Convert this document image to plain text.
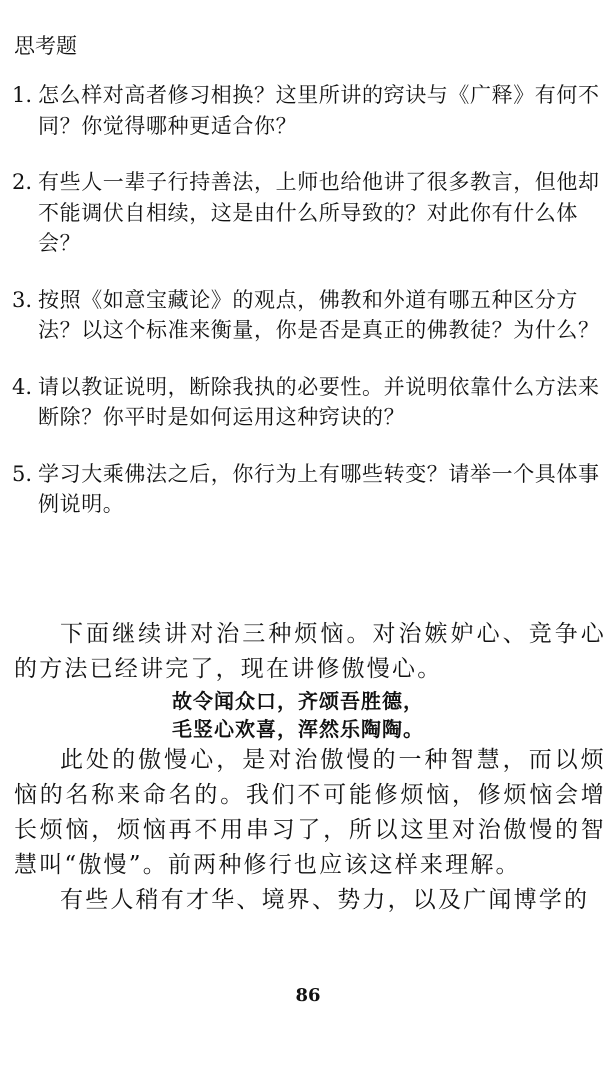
思考题
1. 怎么样对高者修习相换？这里所讲的窍诀与《广释》有何不同？你觉得哪种更适合你？
2. 有些人一辈子行持善法，上师也给他讲了很多教言，但他却不能调伏自相续，这是由什么所导致的？对此你有什么体会？
3. 按照《如意宝藏论》的观点，佛教和外道有哪五种区分方法？以这个标准来衡量，你是否是真正的佛教徒？为什么？
4. 请以教证说明，断除我执的必要性。并说明依靠什么方法来断除？你平时是如何运用这种窍诀的？
5. 学习大乘佛法之后，你行为上有哪些转变？请举一个具体事例说明。

下面继续讲对治三种烦恼。对治嫉妒心、竞争心的方法已经讲完了，现在讲修傲慢心。

故令闻众口，齐颂吾胜德，
毛竖心欢喜，浑然乐陶陶。

此处的傲慢心，是对治傲慢的一种智慧，而以烦恼的名称来命名的。我们不可能修烦恼，修烦恼会增长烦恼，烦恼再不用串习了，所以这里对治傲慢的智慧叫“傲慢”。前两种修行也应该这样来理解。

有些人稍有才华、境界、势力，以及广闻博学的

86
